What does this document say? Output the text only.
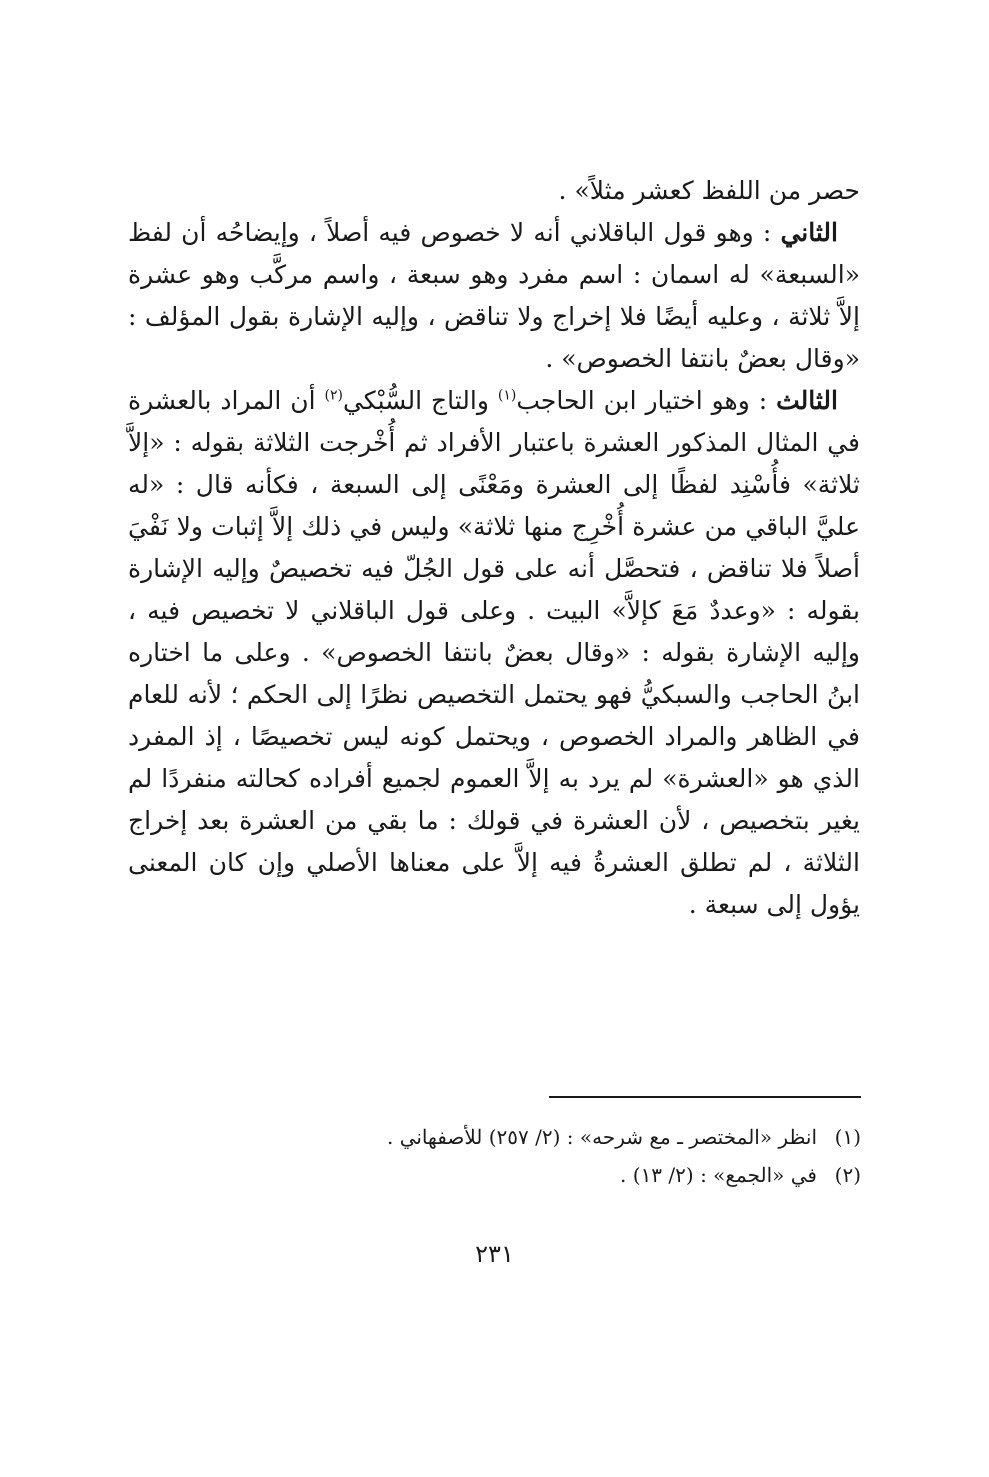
حصر من اللفظ كعشر مثلاً» .

الثاني : وهو قول الباقلاني أنه لا خصوص فيه أصلاً ، وإيضاحُه أن لفظ «السبعة» له اسمان : اسم مفرد وهو سبعة ، واسم مركَّب وهو عشرة إلاَّ ثلاثة ، وعليه أيضًا فلا إخراج ولا تناقض ، وإليه الإشارة بقول المؤلف : «وقال بعضٌ بانتفا الخصوص» .

الثالث : وهو اختيار ابن الحاجب$^{(١)}$ والتاج السُّبْكي$^{(٢)}$ أن المراد بالعشرة في المثال المذكور العشرة باعتبار الأفراد ثم أُخْرجت الثلاثة بقوله : «إلاَّ ثلاثة» فأُسْنِد لفظًا إلى العشرة ومَعْنًى إلى السبعة ، فكأنه قال : «له عليَّ الباقي من عشرة أُخْرِج منها ثلاثة» وليس في ذلك إلاَّ إثبات ولا نَفْيَ أصلاً فلا تناقض ، فتحصَّل أنه على قول الجُلّ فيه تخصيصٌ وإليه الإشارة بقوله : «وعددٌ مَعَ كإلاَّ» البيت . وعلى قول الباقلاني لا تخصيص فيه ، وإليه الإشارة بقوله : «وقال بعضٌ بانتفا الخصوص» . وعلى ما اختاره ابنُ الحاجب والسبكيُّ فهو يحتمل التخصيص نظرًا إلى الحكم ؛ لأنه للعام في الظاهر والمراد الخصوص ، ويحتمل كونه ليس تخصيصًا ، إذ المفرد الذي هو «العشرة» لم يرد به إلاَّ العموم لجميع أفراده كحالته منفردًا لم يغير بتخصيص ، لأن العشرة في قولك : ما بقي من العشرة بعد إخراج الثلاثة ، لم تطلق العشرةُ فيه إلاَّ على معناها الأصلي وإن كان المعنى يؤول إلى سبعة .

(١)انظر «المختصر ـ مع شرحه» : (٢/ ٢٥٧) للأصفهاني .

(٢)في «الجمع» : (٢/ ١٣) .

٢٣١
